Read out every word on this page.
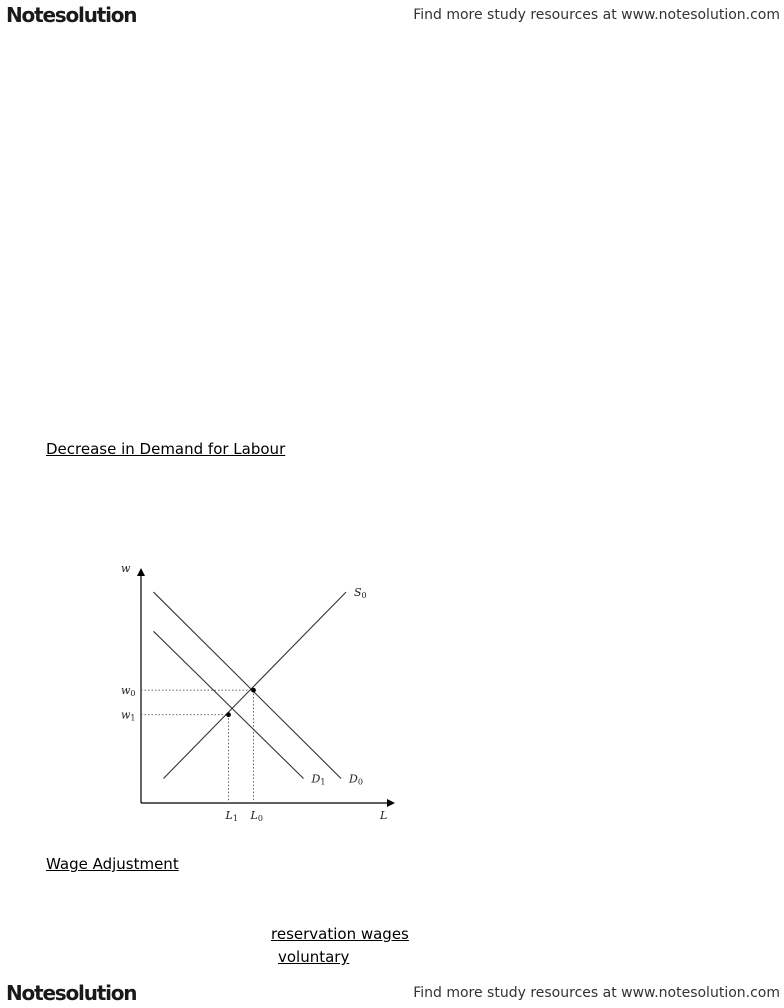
Notesolution	Find more study resources at www.notesolution.com
Decrease in Demand for Labour
w
L
S0
D0
D1
w0
w1
L1 L0
Wage Adjustment
reservation wages
voluntary
Notesolution	Find more study resources at www.notesolution.com
